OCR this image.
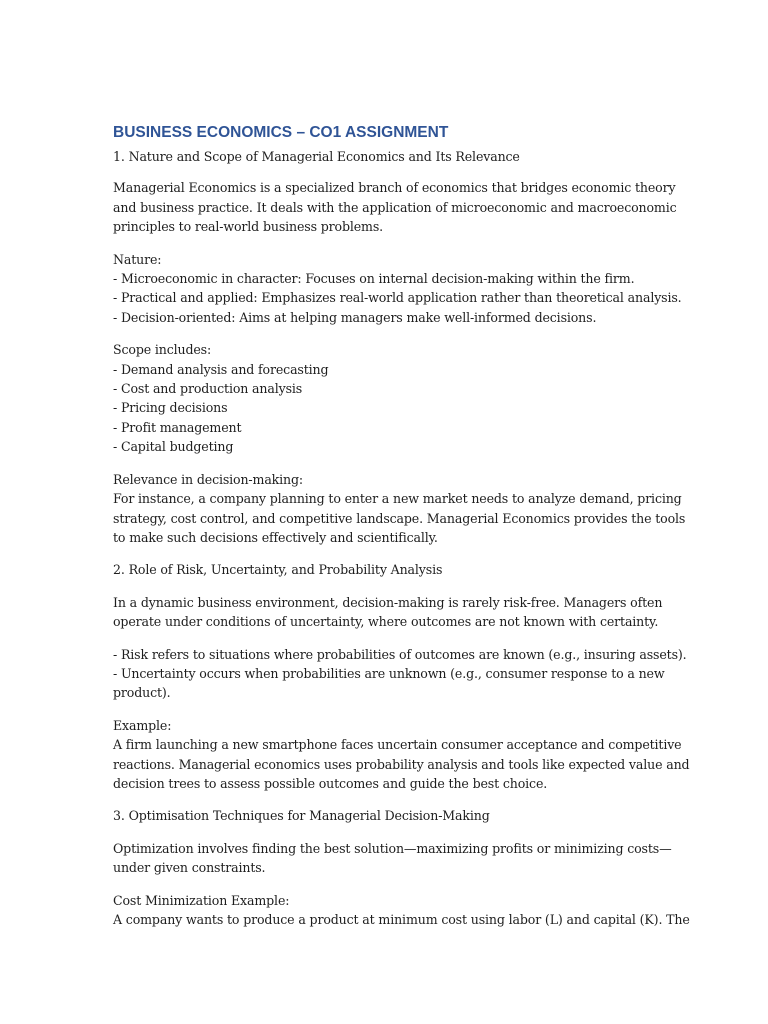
BUSINESS ECONOMICS – CO1 ASSIGNMENT
1. Nature and Scope of Managerial Economics and Its Relevance
Managerial Economics is a specialized branch of economics that bridges economic theory
and business practice. It deals with the application of microeconomic and macroeconomic
principles to real-world business problems.
Nature:
- Microeconomic in character: Focuses on internal decision-making within the firm.
- Practical and applied: Emphasizes real-world application rather than theoretical analysis.
- Decision-oriented: Aims at helping managers make well-informed decisions.
Scope includes:
- Demand analysis and forecasting
- Cost and production analysis
- Pricing decisions
- Profit management
- Capital budgeting
Relevance in decision-making:
For instance, a company planning to enter a new market needs to analyze demand, pricing
strategy, cost control, and competitive landscape. Managerial Economics provides the tools
to make such decisions effectively and scientifically.
2. Role of Risk, Uncertainty, and Probability Analysis
In a dynamic business environment, decision-making is rarely risk-free. Managers often
operate under conditions of uncertainty, where outcomes are not known with certainty.
- Risk refers to situations where probabilities of outcomes are known (e.g., insuring assets).
- Uncertainty occurs when probabilities are unknown (e.g., consumer response to a new
product).
Example:
A firm launching a new smartphone faces uncertain consumer acceptance and competitive
reactions. Managerial economics uses probability analysis and tools like expected value and
decision trees to assess possible outcomes and guide the best choice.
3. Optimisation Techniques for Managerial Decision-Making
Optimization involves finding the best solution—maximizing profits or minimizing costs—
under given constraints.
Cost Minimization Example:
A company wants to produce a product at minimum cost using labor (L) and capital (K). The
